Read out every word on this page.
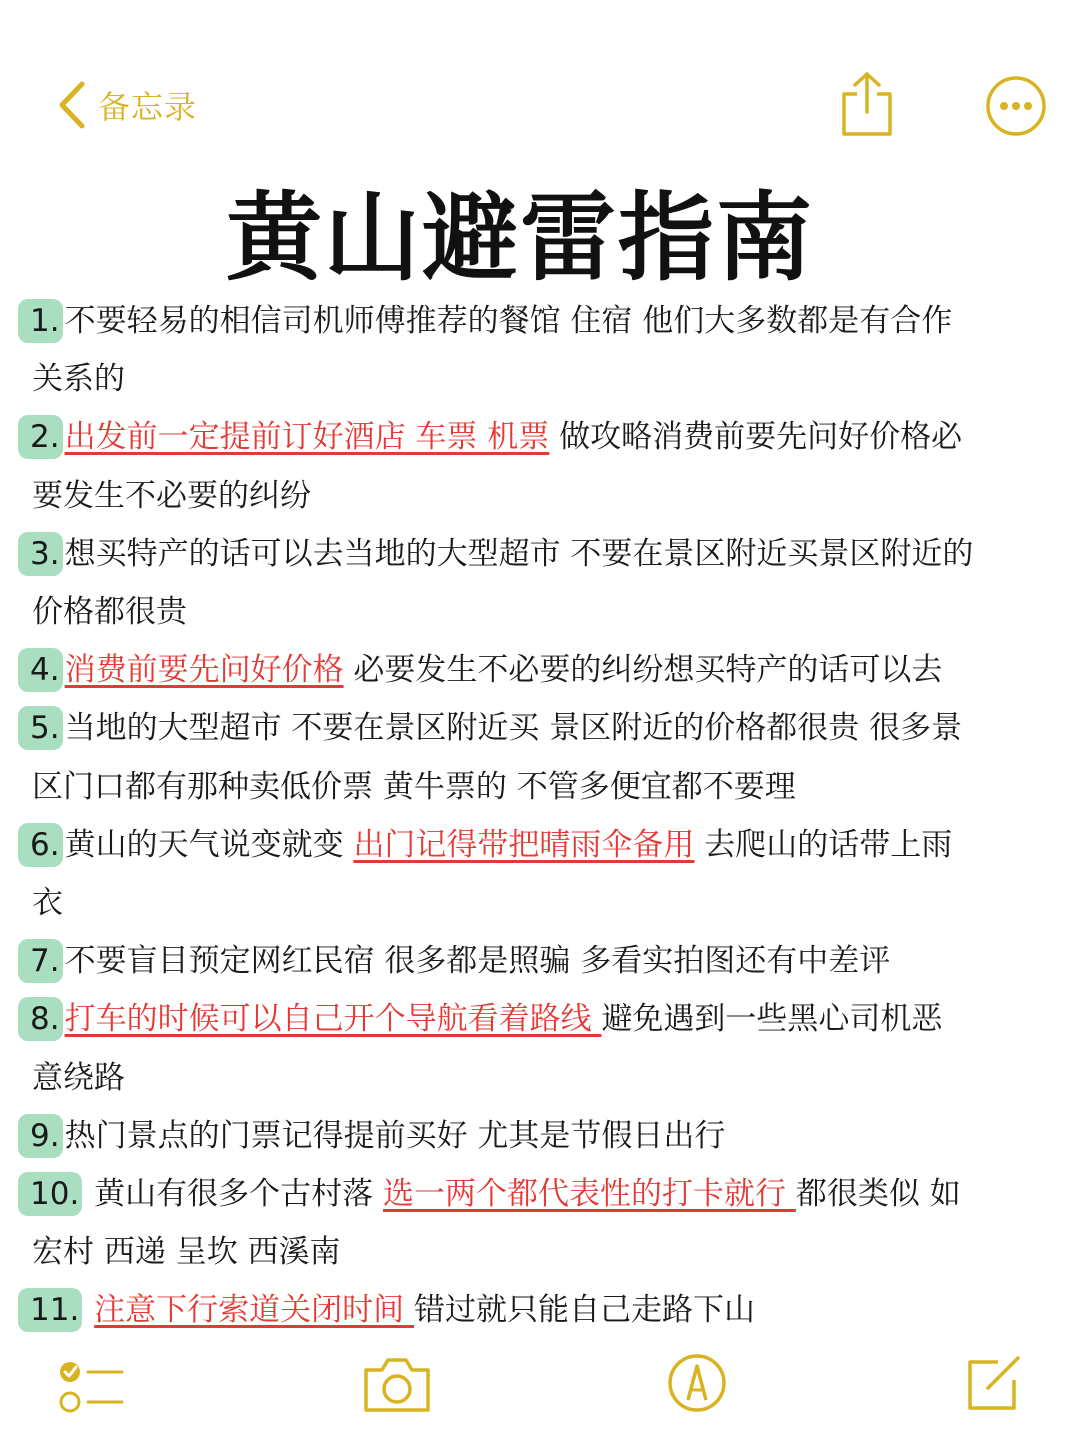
备忘录
黄山避雷指南
1. 不要轻易的相信司机师傅推荐的餐馆 住宿 他们大多数都是有合作
关系的
2. 出发前一定提前订好酒店 车票 机票 做攻略消费前要先问好价格必
要发生不必要的纠纷
3. 想买特产的话可以去当地的大型超市 不要在景区附近买景区附近的
价格都很贵
4. 消费前要先问好价格 必要发生不必要的纠纷想买特产的话可以去
5. 当地的大型超市 不要在景区附近买 景区附近的价格都很贵 很多景
区门口都有那种卖低价票 黄牛票的 不管多便宜都不要理
6. 黄山的天气说变就变 出门记得带把晴雨伞备用 去爬山的话带上雨
衣
7. 不要盲目预定网红民宿 很多都是照骗 多看实拍图还有中差评
8. 打车的时候可以自己开个导航看着路线 避免遇到一些黑心司机恶
意绕路
9. 热门景点的门票记得提前买好 尤其是节假日出行
10. 黄山有很多个古村落 选一两个都代表性的打卡就行 都很类似 如
宏村 西递 呈坎 西溪南
11. 注意下行索道关闭时间 错过就只能自己走路下山
